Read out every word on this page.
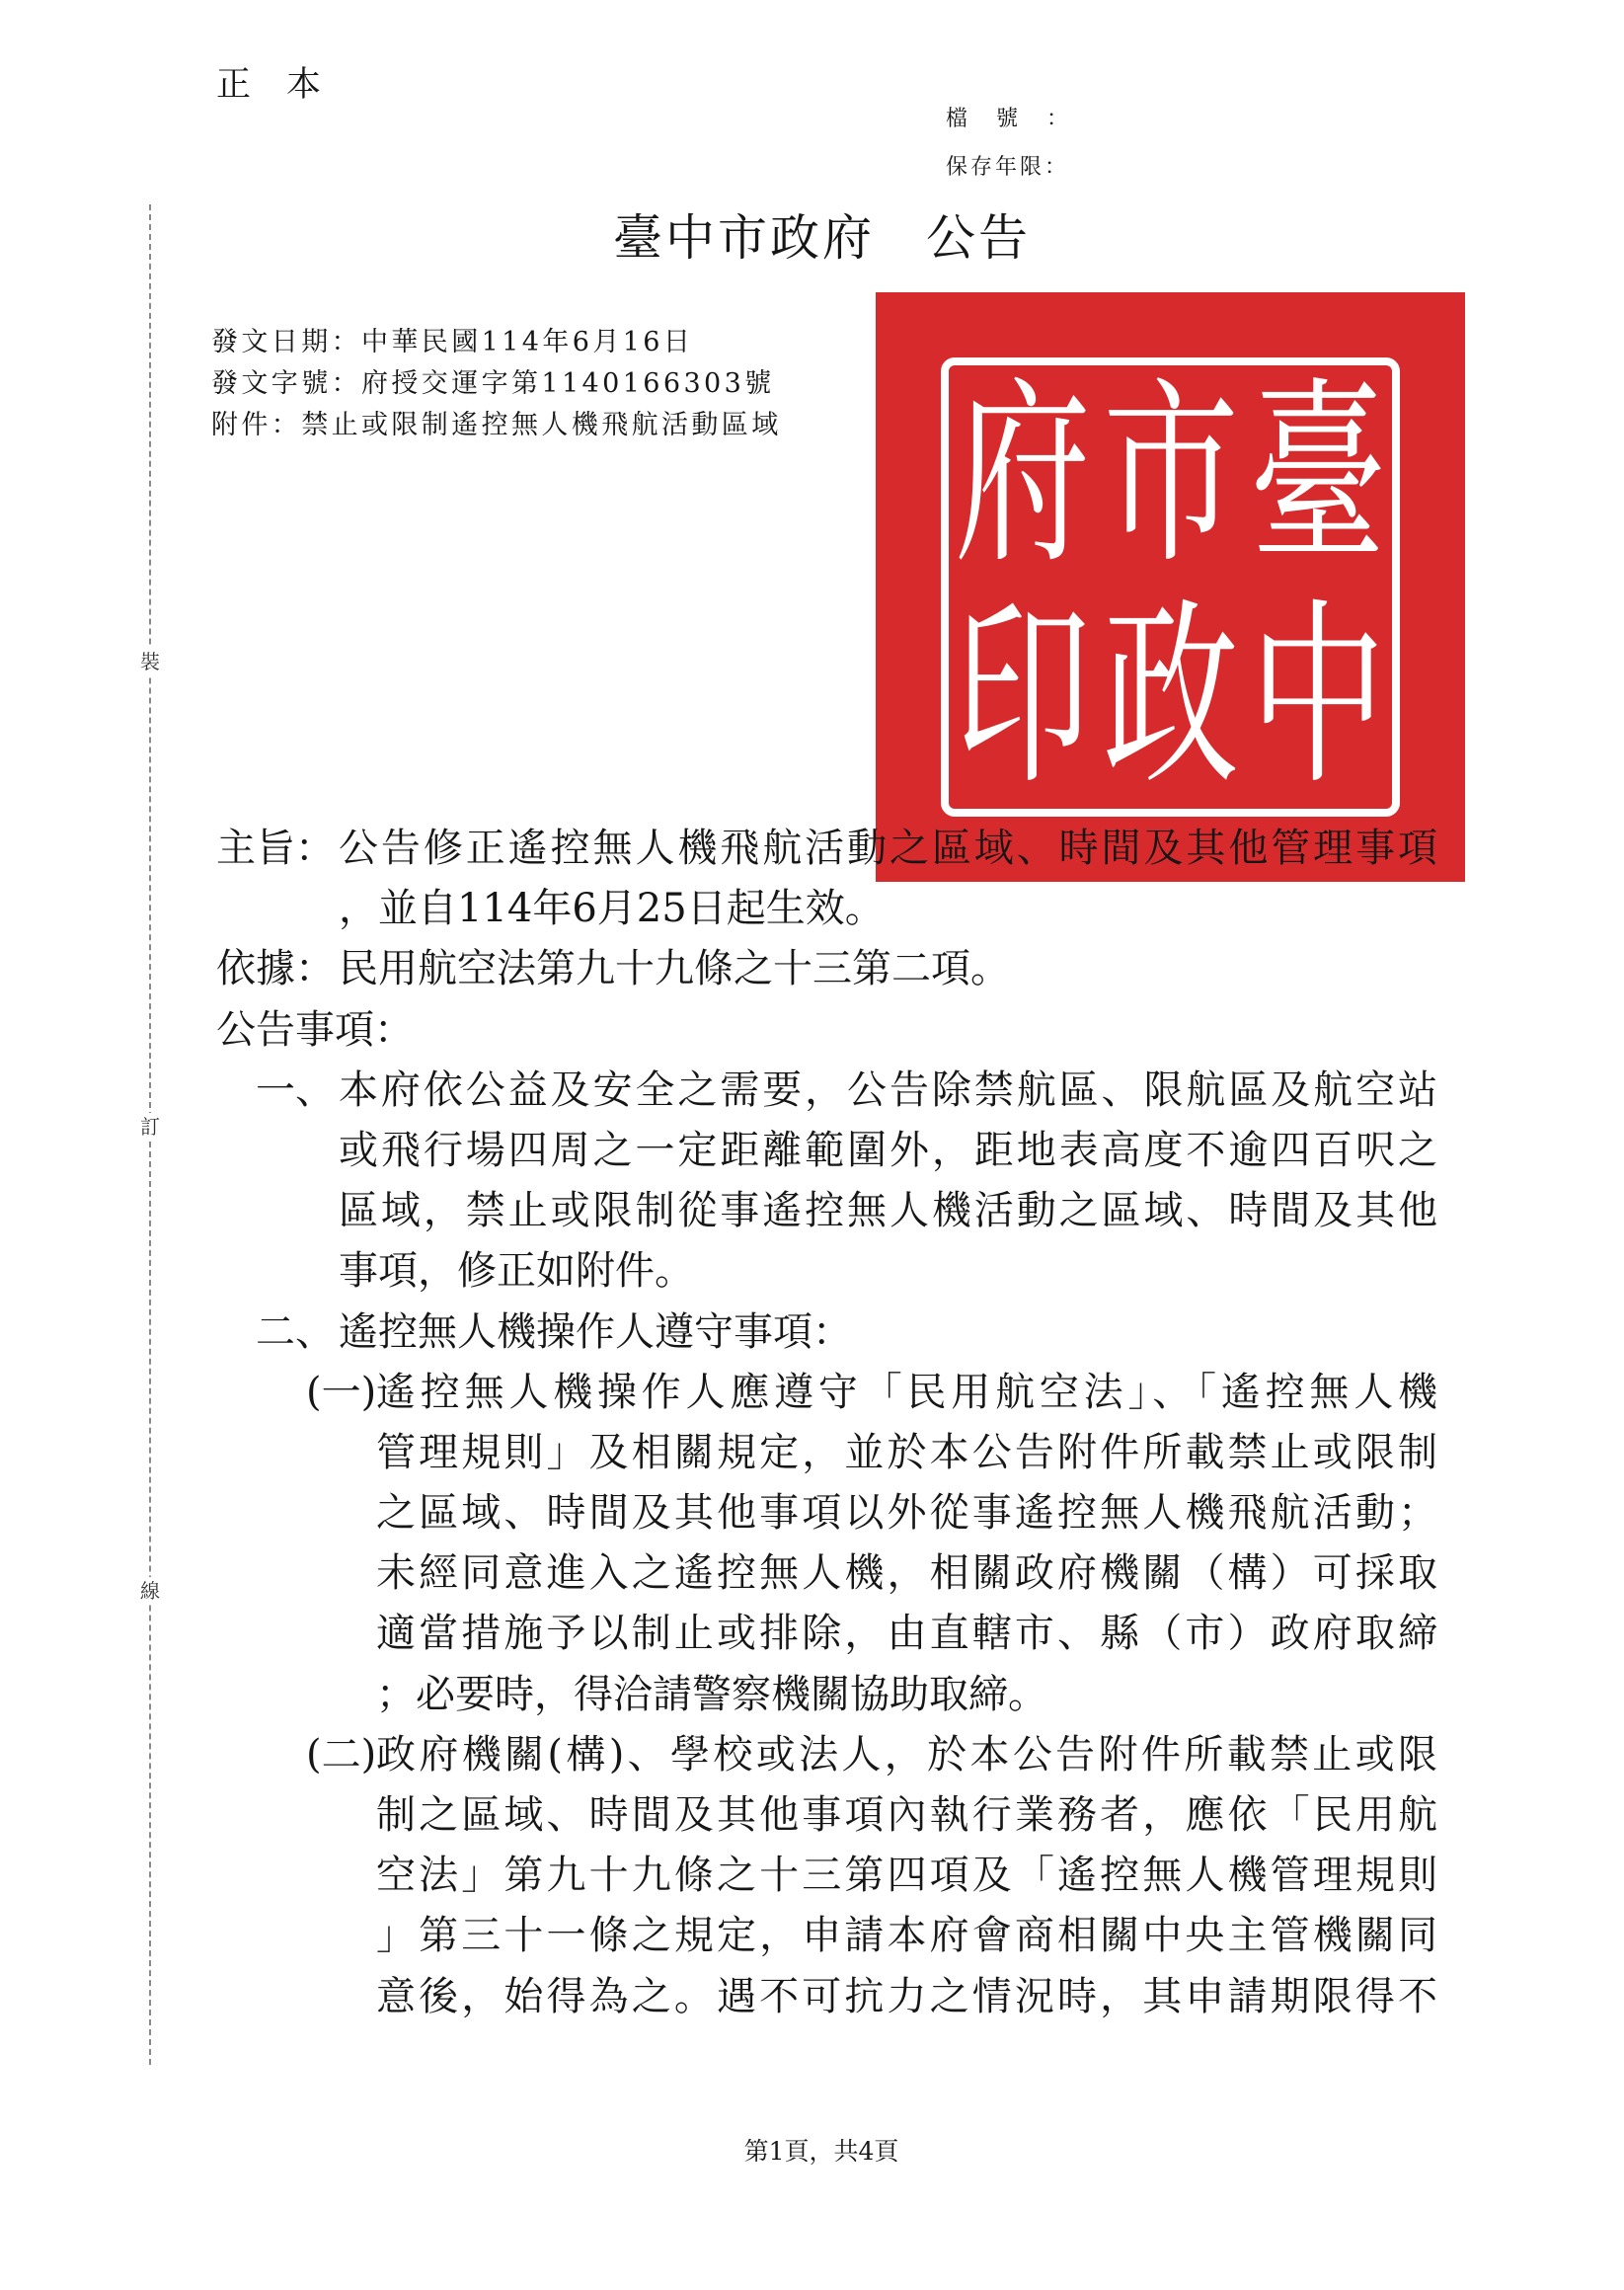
正本
檔號：
保存年限：
裝
訂
線
臺
中
市
政
府
印
臺中市政府 公告
發文日期：中華民國114年6月16日
發文字號：府授交運字第1140166303號
附件：禁止或限制遙控無人機飛航活動區域
主旨： 公告修正遙控無人機飛航活動之區域、時間及其他管理事項
，並自114年6月25日起生效。
依據： 民用航空法第九十九條之十三第二項。
公告事項：
一、 本府依公益及安全之需要，公告除禁航區、限航區及航空站
或飛行場四周之一定距離範圍外，距地表高度不逾四百呎之
區域，禁止或限制從事遙控無人機活動之區域、時間及其他
事項，修正如附件。
二、 遙控無人機操作人遵守事項：
(一) 遙控無人機操作人應遵守「民用航空法」、「遙控無人機
管理規則」及相關規定，並於本公告附件所載禁止或限制
之區域、時間及其他事項以外從事遙控無人機飛航活動；
未經同意進入之遙控無人機，相關政府機關（構）可採取
適當措施予以制止或排除，由直轄市、縣（市）政府取締
；必要時，得洽請警察機關協助取締。
(二) 政府機關(構)、學校或法人，於本公告附件所載禁止或限
制之區域、時間及其他事項內執行業務者，應依「民用航
空法」第九十九條之十三第四項及「遙控無人機管理規則
」第三十一條之規定，申請本府會商相關中央主管機關同
意後，始得為之。遇不可抗力之情況時，其申請期限得不
第1頁，共4頁
